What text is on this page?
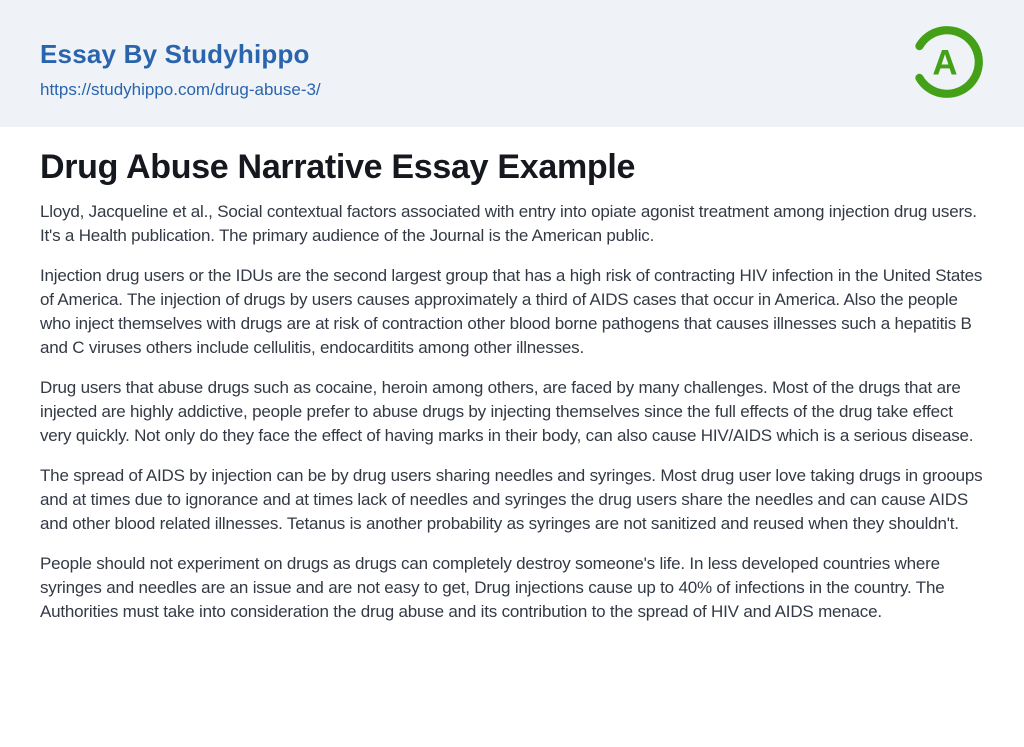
Essay By Studyhippo
https://studyhippo.com/drug-abuse-3/
A
Drug Abuse Narrative Essay Example

Lloyd, Jacqueline et al., Social contextual factors associated with entry into opiate agonist treatment among injection drug users. It's a Health publication. The primary audience of the Journal is the American public.

Injection drug users or the IDUs are the second largest group that has a high risk of contracting HIV infection in the United States of America. The injection of drugs by users causes approximately a third of AIDS cases that occur in America. Also the people who inject themselves with drugs are at risk of contraction other blood borne pathogens that causes illnesses such a hepatitis B and C viruses others include cellulitis, endocarditits among other illnesses.

Drug users that abuse drugs such as cocaine, heroin among others, are faced by many challenges. Most of the drugs that are injected are highly addictive, people prefer to abuse drugs by injecting themselves since the full effects of the drug take effect very quickly. Not only do they face the effect of having marks in their body, can also cause HIV/AIDS which is a serious disease.

The spread of AIDS by injection can be by drug users sharing needles and syringes. Most drug user love taking drugs in grooups and at times due to ignorance and at times lack of needles and syringes the drug users share the needles and can cause AIDS and other blood related illnesses. Tetanus is another probability as syringes are not sanitized and reused when they shouldn't.

People should not experiment on drugs as drugs can completely destroy someone's life. In less developed countries where syringes and needles are an issue and are not easy to get, Drug injections cause up to 40% of infections in the country. The Authorities must take into consideration the drug abuse and its contribution to the spread of HIV and AIDS menace.
